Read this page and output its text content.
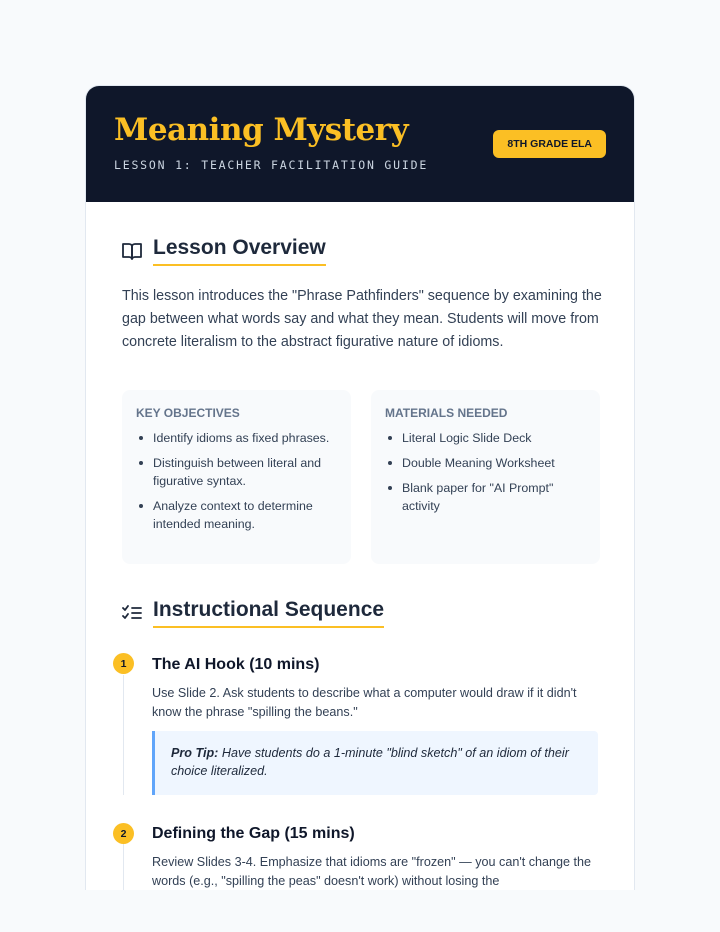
Meaning Mystery
LESSON 1: TEACHER FACILITATION GUIDE
8TH GRADE ELA
Lesson Overview

This lesson introduces the "Phrase Pathfinders" sequence by examining the gap between what words say and what they mean. Students will move from concrete literalism to the abstract figurative nature of idioms.

KEY OBJECTIVES
Identify idioms as fixed phrases.
Distinguish between literal and figurative syntax.
Analyze context to determine intended meaning.
MATERIALS NEEDED
Literal Logic Slide Deck
Double Meaning Worksheet
Blank paper for "AI Prompt" activity
Instructional Sequence
1	The AI Hook (10 mins)
Use Slide 2. Ask students to describe what a computer would draw if it didn't know the phrase "spilling the beans."
Pro Tip: Have students do a 1-minute "blind sketch" of an idiom of their choice literalized.
2	Defining the Gap (15 mins)
Review Slides 3-4. Emphasize that idioms are "frozen" — you can't change the words (e.g., "spilling the peas" doesn't work) without losing the
